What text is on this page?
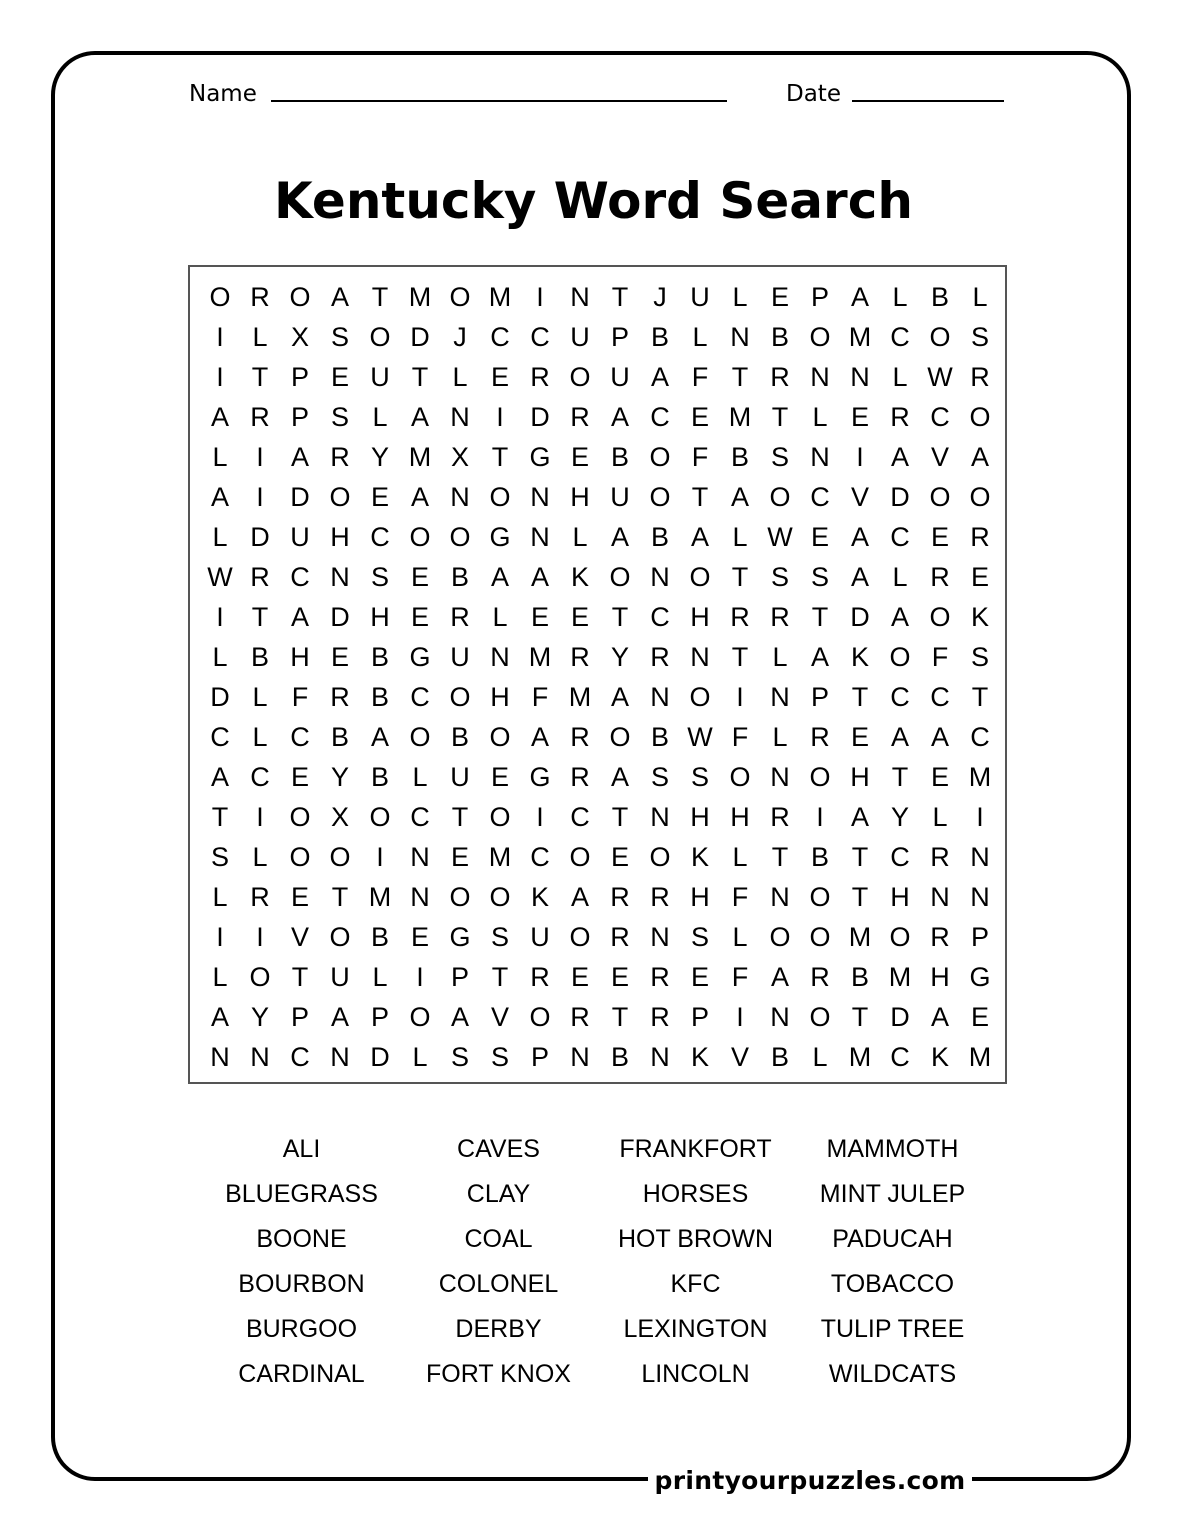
printyourpuzzles.com
Name	Date
Kentucky Word Search
O R O A T M O M I N T J U L E P A L B L
I	L X S O D J C C U P B L N B O M C O S
I	T P E U T L E R O U A F T R N N L W R
A R P S L A N I D R A C E M T L E R C O
L	I	A R Y M X T G E B O F B S N I	A V A
A	I D O E A N O N H U O T A O C V D O O
L D U H C O O G N L A B A L W E A C E R
W R C N S E B A A K O N O T S S A L R E
I	T A D H E R L E E T C H R R T D A O K
L B H E B G U N M R Y R N T L A K O F S
D L F R B C O H F M A N O I N P T C C T
C L C B A O B O A R O B W F L R E A A C
A C E Y B L U E G R A S S O N O H T E M
T	I O X O C T O I C T N H H R I	A Y L	I
S L O O I N E M C O E O K L T B T C R N
L R E T M N O O K A R R H F N O T H N N
I	I	V O B E G S U O R N S L O O M O R P
L O T U L	I	P T R E E R E F A R B M H G
A Y P A P O A V O R T R P	I N O T D A E
N N C N D L S S P N B N K V B L M C K M
ALI	CAVES	FRANKFORT	MAMMOTH
BLUEGRASS	CLAY	HORSES	MINT JULEP
BOONE	COAL	HOT BROWN	PADUCAH
BOURBON	COLONEL	KFC	TOBACCO
BURGOO	DERBY	LEXINGTON	TULIP TREE
CARDINAL	FORT KNOX	LINCOLN	WILDCATS
